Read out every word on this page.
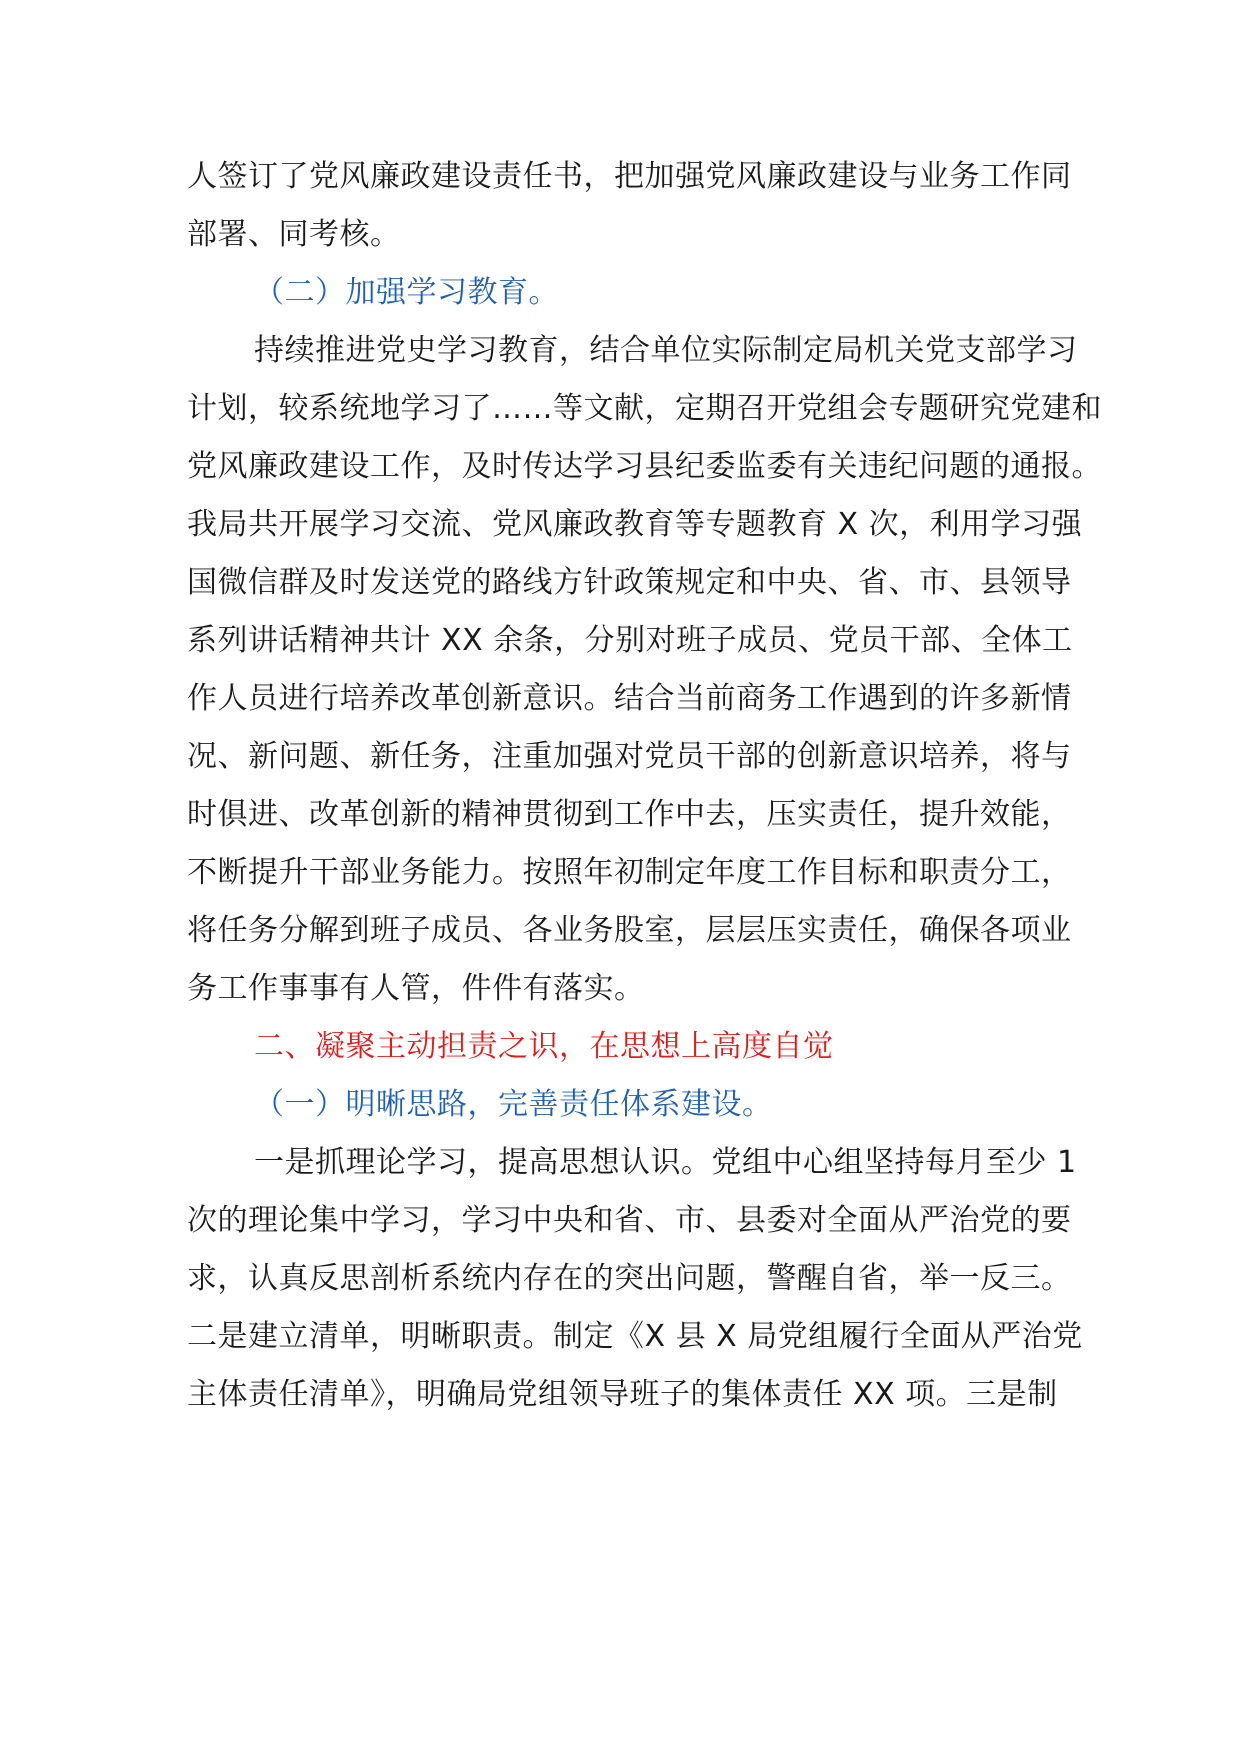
人签订了党风廉政建设责任书，把加强党风廉政建设与业务工作同
部署、同考核。
（二）加强学习教育。
持续推进党史学习教育，结合单位实际制定局机关党支部学习
计划，较系统地学习了……等文献，定期召开党组会专题研究党建和
党风廉政建设工作，及时传达学习县纪委监委有关违纪问题的通报。
我局共开展学习交流、党风廉政教育等专题教育 X 次，利用学习强
国微信群及时发送党的路线方针政策规定和中央、省、市、县领导
系列讲话精神共计 XX 余条，分别对班子成员、党员干部、全体工
作人员进行培养改革创新意识。结合当前商务工作遇到的许多新情
况、新问题、新任务，注重加强对党员干部的创新意识培养，将与
时俱进、改革创新的精神贯彻到工作中去，压实责任，提升效能，
不断提升干部业务能力。按照年初制定年度工作目标和职责分工，
将任务分解到班子成员、各业务股室，层层压实责任，确保各项业
务工作事事有人管，件件有落实。
二、凝聚主动担责之识，在思想上高度自觉
（一）明晰思路，完善责任体系建设。
一是抓理论学习，提高思想认识。党组中心组坚持每月至少 1
次的理论集中学习，学习中央和省、市、县委对全面从严治党的要
求，认真反思剖析系统内存在的突出问题，警醒自省，举一反三。
二是建立清单，明晰职责。制定《X 县 X 局党组履行全面从严治党
主体责任清单》，明确局党组领导班子的集体责任 XX 项。三是制
